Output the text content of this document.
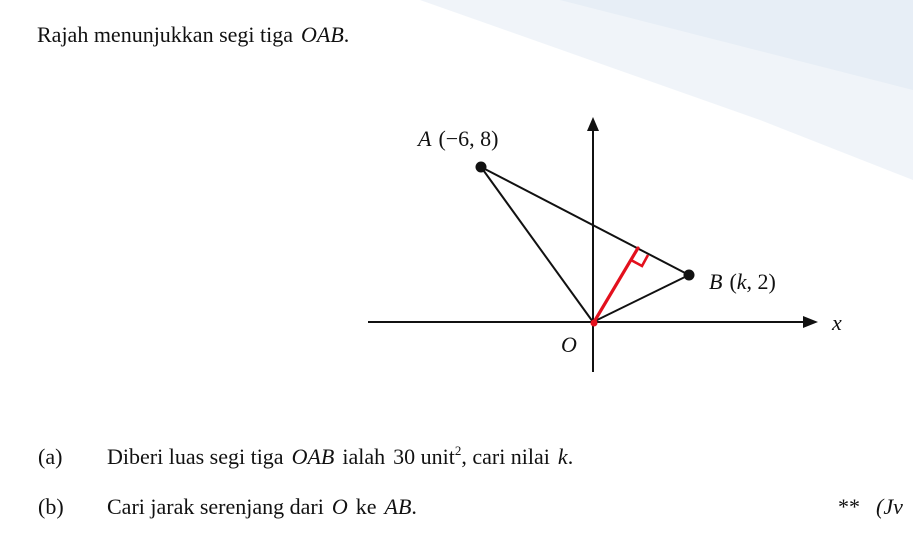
Rajah menunjukkan segi tiga OAB.
A (−6, 8)
B (k, 2)
O
x
(a) Diberi luas segi tiga OAB ialah 30 unit$^2$, cari nilai k.
(b) Cari jarak serenjang dari O ke AB.	** (Jv
